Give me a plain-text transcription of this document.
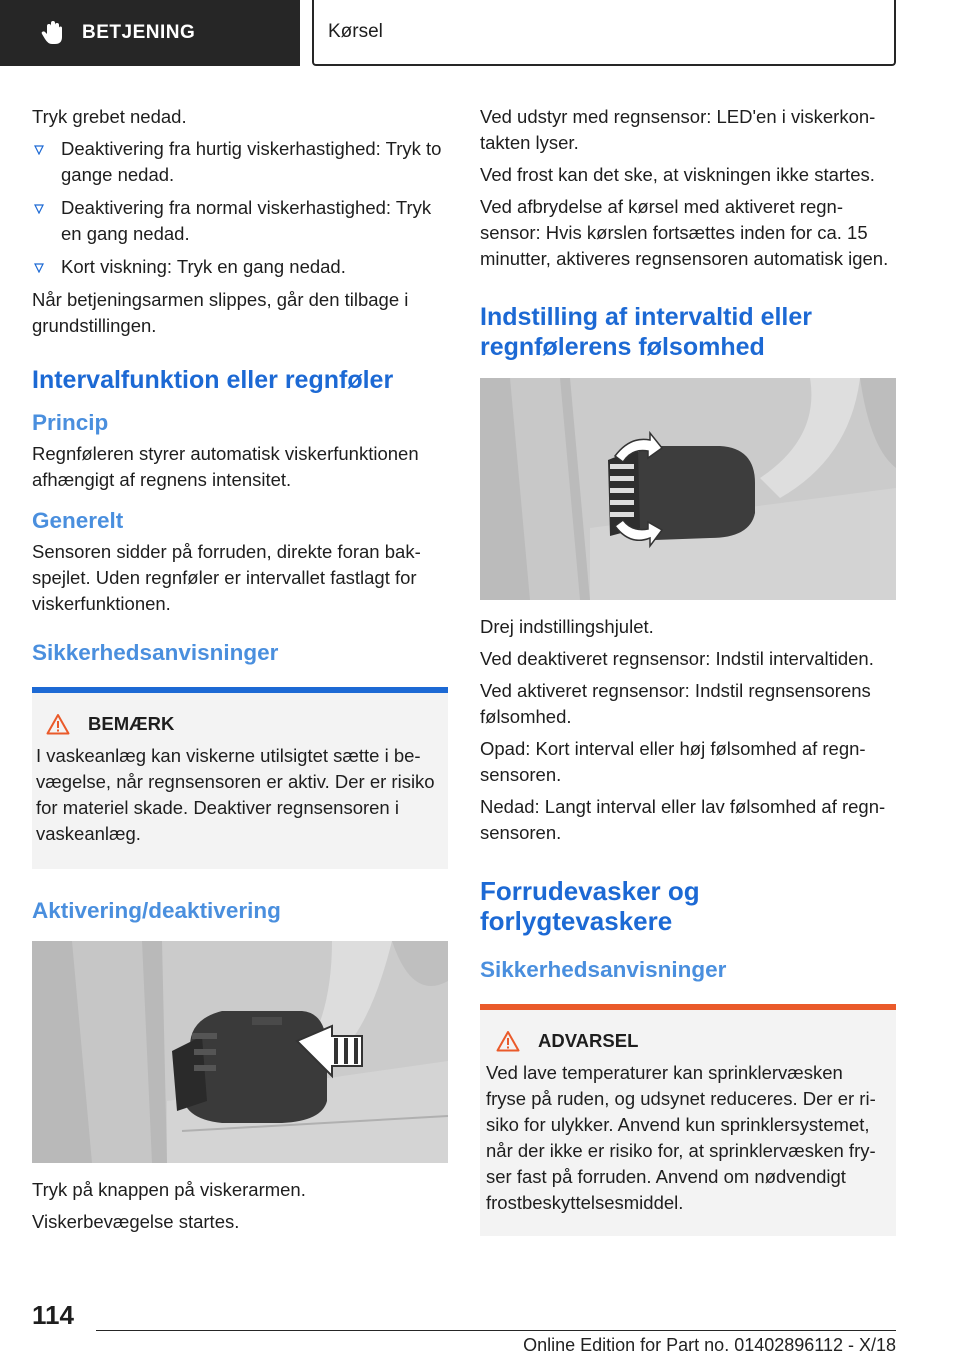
BETJENING	Kørsel

Tryk grebet nedad.

Deaktivering fra hurtig viskerhastighed: Tryk to gange nedad.
Deaktivering fra normal viskerhastighed: Tryk en gang nedad.
Kort viskning: Tryk en gang nedad.

Når betjeningsarmen slippes, går den tilbage i grundstillingen.

Intervalfunktion eller regnføler
Princip

Regnføleren styrer automatisk viskerfunktionen afhængigt af regnens intensitet.

Generelt

Sensoren sidder på forruden, direkte foran bakspejlet. Uden regnføler er intervallet fastlagt for viskerfunktionen.

Sikkerhedsanvisninger
BEMÆRK

I vaskeanlæg kan viskerne utilsigtet sætte i bevægelse, når regnsensoren er aktiv. Der er risiko for materiel skade. Deaktiver regnsensoren i vaskeanlæg.

Aktivering/deaktivering

Tryk på knappen på viskerarmen.

Viskerbevægelse startes.

Ved udstyr med regnsensor: LED'en i viskerkontakten lyser.

Ved frost kan det ske, at viskningen ikke startes.

Ved afbrydelse af kørsel med aktiveret regnsensor: Hvis kørslen fortsættes inden for ca. 15 minutter, aktiveres regnsensoren automatisk igen.

Indstilling af intervaltid eller regnfølerens følsomhed

Drej indstillingshjulet.

Ved deaktiveret regnsensor: Indstil intervaltiden.

Ved aktiveret regnsensor: Indstil regnsensorens følsomhed.

Opad: Kort interval eller høj følsomhed af regnsensoren.

Nedad: Langt interval eller lav følsomhed af regnsensoren.

Forrudevasker og forlygtevaskere
Sikkerhedsanvisninger
ADVARSEL

Ved lave temperaturer kan sprinklervæsken fryse på ruden, og udsynet reduceres. Der er risiko for ulykker. Anvend kun sprinklersystemet, når der ikke er risiko for, at sprinklervæsken fryser fast på forruden. Anvend om nødvendigt frostbeskyttelsesmiddel.

114
Online Edition for Part no. 01402896112 - X/18
